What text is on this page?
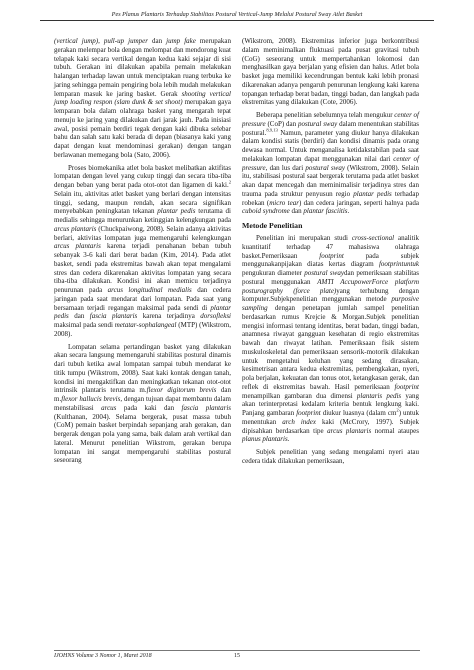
Pes Planus Plantaris Terhadap Stabilitas Postural Vertical-Jump Melalui Postural Sway Atlet Basket

(vertical jump), pull-up jumper dan jump fake merupakan gerakan melempar bola dengan melompat dan mendorong kuat telapak kaki secara vertikal dengan kedua kaki sejajar di sisi tubuh. Gerakan ini dilakukan apabila pemain melakukan halangan terhadap lawan untuk menciptakan ruang terbuka ke jaring sehingga pemain pengiring bola lebih mudah melakukan lemparan masuk ke jaring basket. Gerak shooting vertical jump loading respon (slam dunk & set shoot) merupakan gaya lemparan bola dalam olahraga basket yang mengarah tepat menuju ke jaring yang dilakukan dari jarak jauh. Pada inisiasi awal, posisi pemain berdiri tegak dengan kaki dibuka selebar bahu dan salah satu kaki berada di depan (biasanya kaki yang dapat dengan kuat mendominasi gerakan) dengan tangan berlawanan memegang bola (Sato, 2006).

Proses biomekanika atlet bola basket melibatkan aktifitas lompatan dengan level yang cukup tinggi dan secara tiba-tiba dengan beban yang berat pada otot-otot dan ligamen di kaki.$^2$ Selain itu, aktivitas atlet basket yang berlari dengan intensitas tinggi, sedang, maupun rendah, akan secara signifikan menyebabkan peningkatan tekanan plantar pedis terutama di medialis sehingga menurunkan ketinggian kelengkungan pada arcus plantaris (Chuckpaiwong, 2008). Selain adanya aktivitas berlari, aktivitas lompatan juga memengaruhi kelengkungan arcus plantaris karena terjadi penahanan beban tubuh sebanyak 3-6 kali dari berat badan (Kim, 2014). Pada atlet basket, sendi pada ekstremitas bawah akan tepat mengalami stres dan cedera dikarenakan aktivitas lompatan yang secara tiba-tiba dilakukan. Kondisi ini akan memicu terjadinya penurunan pada arcus longitudinal medialis dan cedera jaringan pada saat mendarat dari lompatan. Pada saat yang bersamaan terjadi regangan maksimal pada sendi di plantar pedis dan fascia plantaris karena terjadinya dorsofleksi maksimal pada sendi metatar-sophalangeal (MTP) (Wikstrom, 2008).

Lompatan selama pertandingan basket yang dilakukan akan secara langsung memengaruhi stabilitas postural dinamis dari tubuh ketika awal lompatan sampai tubuh mendarat ke titik tumpu (Wikstrom, 2008). Saat kaki kontak dengan tanah, kondisi ini mengaktifkan dan meningkatkan tekanan otot-otot intrinsik plantaris terutama m.flexor digitorum brevis dan m.flexor hallucis brevis, dengan tujuan dapat membantu dalam menstabilisasi arcus pada kaki dan fascia plantaris (Kulthanan, 2004). Selama bergerak, pusat massa tubuh (CoM) pemain basket berpindah sepanjang arah gerakan, dan bergerak dengan pola yang sama, baik dalam arah vertikal dan lateral. Menurut penelitian Wikstrom, gerakan berupa lompatan ini sangat mempengaruhi stabilitas postural seseorang

(Wikstrom, 2008). Ekstremitas inferior juga berkontribusi dalam meminimalkan fluktuasi pada pusat gravitasi tubuh (CoG) seseorang untuk mempertahankan lokomosi dan menghasilkan gaya berjalan yang efisien dan halus. Atlet bola basket juga memiliki kecendrungan bentuk kaki lebih pronasi dikarenakan adanya pengaruh penurunan lengkung kaki karena topangan terhadap berat badan, tinggi badan, dan langkah pada ekstremitas yang dilakukan (Cote, 2006).

Beberapa penelitian sebelumnya telah mengukur center of pressure (CoP) dan postural sway dalam menentukan stabilitas postural.$^{8,9,13}$ Namun, parameter yang diukur hanya dilakukan dalam kondisi statis (berdiri) dan kondisi dinamis pada orang dewasa normal. Untuk menganalisa ketidakstabilan pada saat melakukan lompatan dapat menggunakan nilai dari center of pressure, dan lus dari postural sway (Wikstrom, 2008). Selain itu, stabilisasi postural saat bergerak terutama pada atlet basket akan dapat mencegah dan meminimalisir terjadinya stres dan trauma pada struktur penyusun regio plantar pedis terhadap robekan (micro tear) dan cedera jaringan, seperti halnya pada cuboid syndrome dan plantar fasciitis.

Metode Penelitian

Penelitian ini merupakan studi cross-sectional analitik kuantitatif terhadap 47 mahasiswa olahraga basket.Pemeriksaan footprint pada subjek menggunakanpijakan diatas kertas diagram footprintuntuk pengukuran diameter postural swaydan pemeriksaan stabilitas postural menggunakan AMTI AccupowerForce platform posturography (force plate)yang terhubung dengan komputer.Subjekpenelitian menggunakan metode purposive sampling dengan penetapan jumlah sampel penelitian berdasarkan rumus Krejcie & Morgan.Subjek penelitian mengisi informasi tentang identitas, berat badan, tinggi badan, anamnesa riwayat gangguan kesehatan di regio ekstremitas bawah dan riwayat latihan. Pemeriksaan fisik sistem muskuloskeletal dan pemeriksaan sensorik-motorik dilakukan untuk mengetahui keluhan yang sedang dirasakan, kesimetrisan antara kedua ekstremitas, pembengkakan, nyeri, pola berjalan, kekuatan dan tonus otot, ketangkasan gerak, dan reflek di ekstremitas bawah. Hasil pemeriksaan footprint menampilkan gambaran dua dimensi plantaris pedis yang akan terinterpretasi kedalam kriteria bentuk lengkung kaki. Panjang gambaran footprint diukur luasnya (dalam $cm^2$) untuk menentukan arch index kaki (McCrory, 1997). Subjek dipisahkan berdasarkan tipe arcus plantaris normal ataupes planus plantaris.

Subjek penelitian yang sedang mengalami nyeri atau cedera tidak dilakukan pemeriksaan,

IJOHNS Volume 3 Nomor 1, Maret 2018	15
